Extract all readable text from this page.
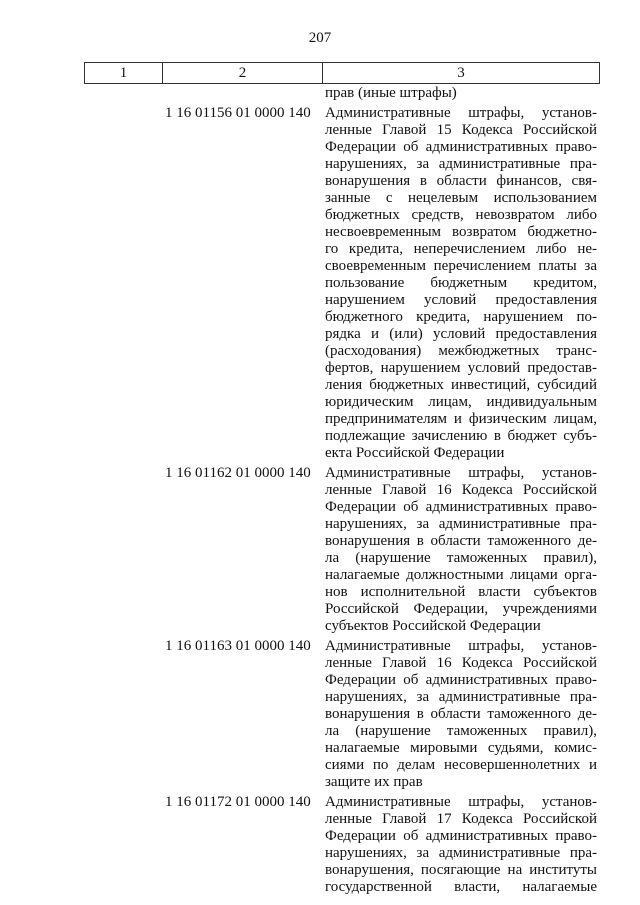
207
1	2	3
прав (иные штрафы)
1 16 01156 01 0000 140 Административные штрафы, установ-
ленные Главой 15 Кодекса Российской
Федерации об административных право-
нарушениях, за административные пра-
вонарушения в области финансов, свя-
занные с нецелевым использованием
бюджетных средств, невозвратом либо
несвоевременным возвратом бюджетно-
го кредита, неперечислением либо не-
своевременным перечислением платы за
пользование бюджетным кредитом,
нарушением условий предоставления
бюджетного кредита, нарушением по-
рядка и (или) условий предоставления
(расходования) межбюджетных транс-
фертов, нарушением условий предостав-
ления бюджетных инвестиций, субсидий
юридическим лицам, индивидуальным
предпринимателям и физическим лицам,
подлежащие зачислению в бюджет субъ-
екта Российской Федерации
1 16 01162 01 0000 140 Административные штрафы, установ-
ленные Главой 16 Кодекса Российской
Федерации об административных право-
нарушениях, за административные пра-
вонарушения в области таможенного де-
ла (нарушение таможенных правил),
налагаемые должностными лицами орга-
нов исполнительной власти субъектов
Российской Федерации, учреждениями
субъектов Российской Федерации
1 16 01163 01 0000 140 Административные штрафы, установ-
ленные Главой 16 Кодекса Российской
Федерации об административных право-
нарушениях, за административные пра-
вонарушения в области таможенного де-
ла (нарушение таможенных правил),
налагаемые мировыми судьями, комис-
сиями по делам несовершеннолетних и
защите их прав
1 16 01172 01 0000 140 Административные штрафы, установ-
ленные Главой 17 Кодекса Российской
Федерации об административных право-
нарушениях, за административные пра-
вонарушения, посягающие на институты
государственной власти, налагаемые
